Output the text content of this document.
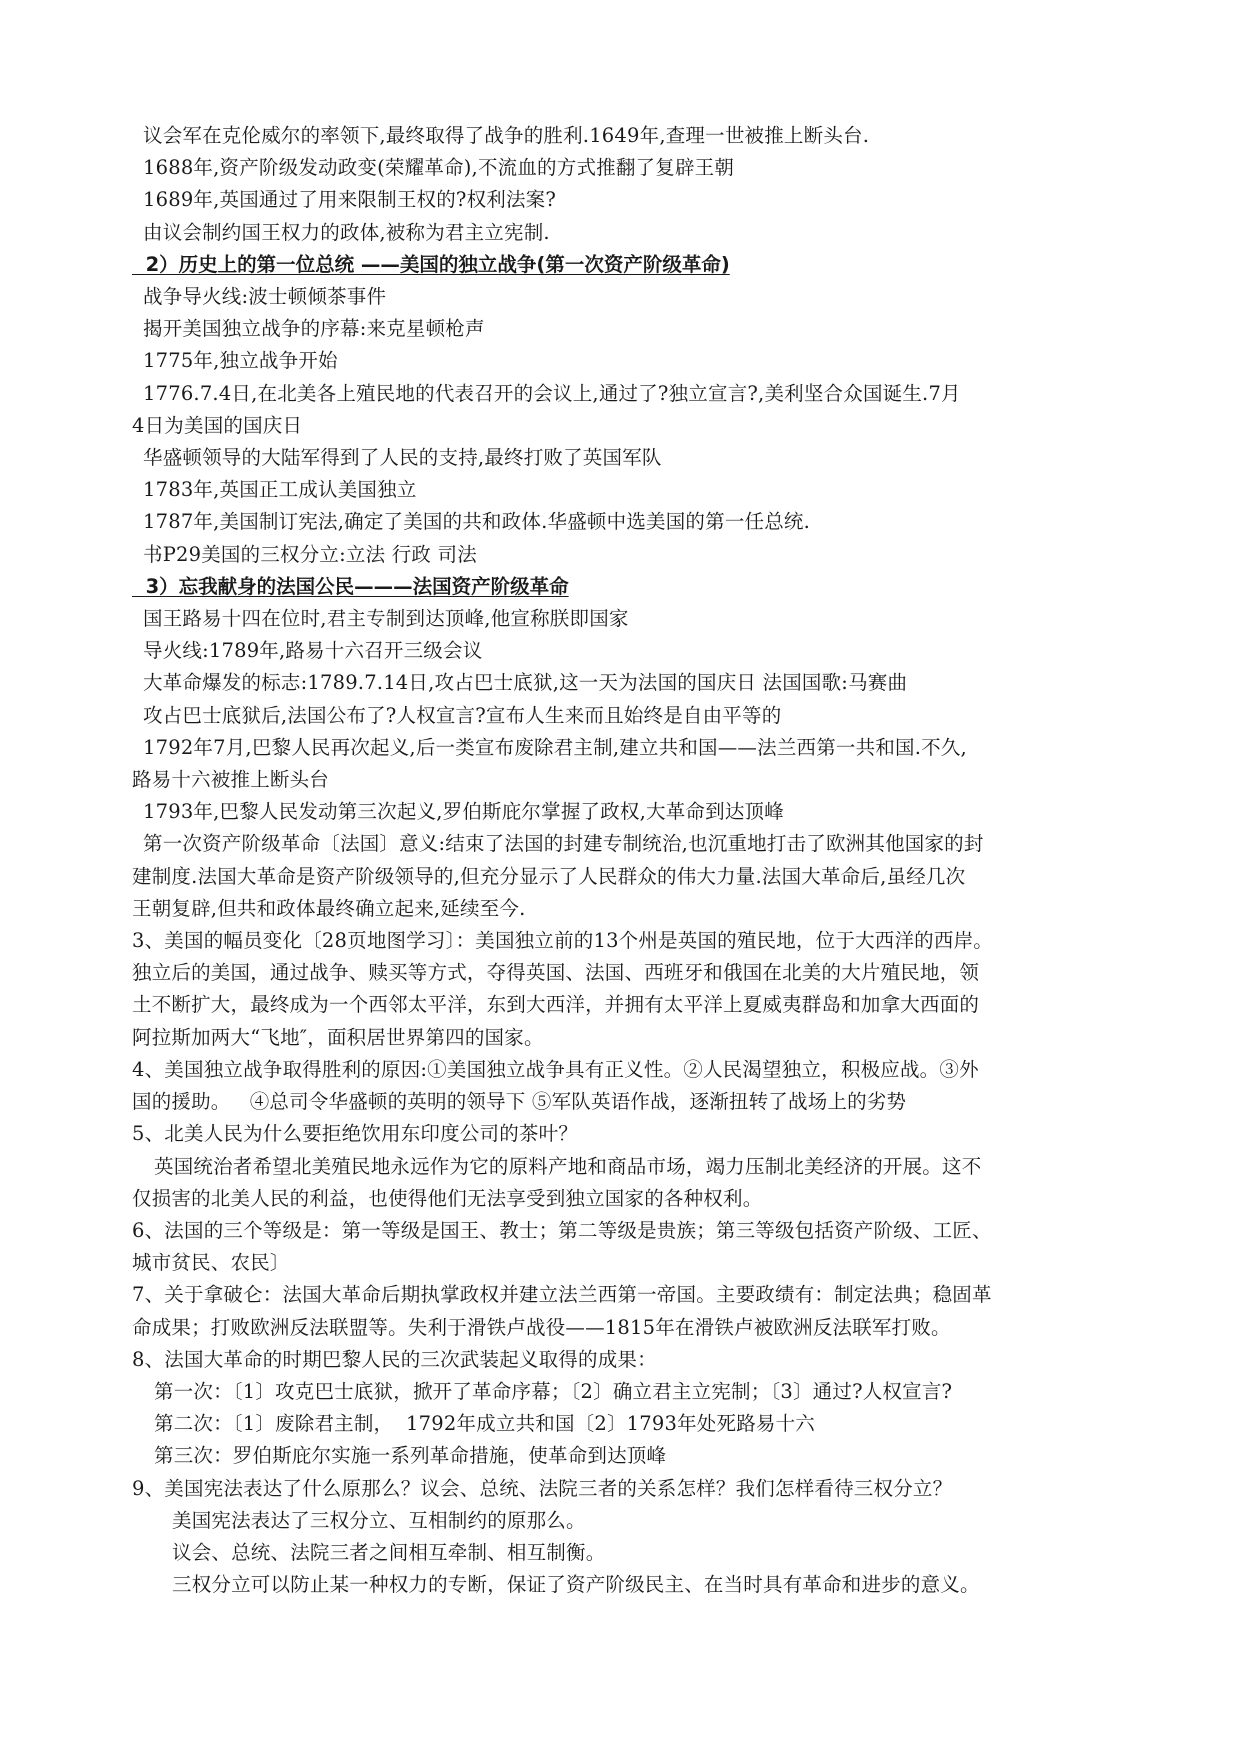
议会军在克伦威尔的率领下,最终取得了战争的胜利.1649年,查理一世被推上断头台.
1688年,资产阶级发动政变(荣耀革命),不流血的方式推翻了复辟王朝
1689年,英国通过了用来限制王权的?权利法案?
由议会制约国王权力的政体,被称为君主立宪制.
2）历史上的第一位总统 ——美国的独立战争(第一次资产阶级革命)
战争导火线:波士顿倾茶事件
揭开美国独立战争的序幕:来克星顿枪声
1775年,独立战争开始
1776.7.4日,在北美各上殖民地的代表召开的会议上,通过了?独立宣言?,美利坚合众国诞生.7月
4日为美国的国庆日
华盛顿领导的大陆军得到了人民的支持,最终打败了英国军队
1783年,英国正工成认美国独立
1787年,美国制订宪法,确定了美国的共和政体.华盛顿中选美国的第一任总统.
书P29美国的三权分立:立法 行政 司法
3）忘我献身的法国公民———法国资产阶级革命
国王路易十四在位时,君主专制到达顶峰,他宣称朕即国家
导火线:1789年,路易十六召开三级会议
大革命爆发的标志:1789.7.14日,攻占巴士底狱,这一天为法国的国庆日 法国国歌:马赛曲
攻占巴士底狱后,法国公布了?人权宣言?宣布人生来而且始终是自由平等的
1792年7月,巴黎人民再次起义,后一类宣布废除君主制,建立共和国——法兰西第一共和国.不久,
路易十六被推上断头台
1793年,巴黎人民发动第三次起义,罗伯斯庇尔掌握了政权,大革命到达顶峰
第一次资产阶级革命〔法国〕意义:结束了法国的封建专制统治,也沉重地打击了欧洲其他国家的封
建制度.法国大革命是资产阶级领导的,但充分显示了人民群众的伟大力量.法国大革命后,虽经几次
王朝复辟,但共和政体最终确立起来,延续至今.
3、美国的幅员变化〔28页地图学习〕：美国独立前的13个州是英国的殖民地，位于大西洋的西岸。
独立后的美国，通过战争、赎买等方式，夺得英国、法国、西班牙和俄国在北美的大片殖民地，领
土不断扩大，最终成为一个西邻太平洋，东到大西洋，并拥有太平洋上夏威夷群岛和加拿大西面的
阿拉斯加两大“飞地″，面积居世界第四的国家。
4、美国独立战争取得胜利的原因:①美国独立战争具有正义性。②人民渴望独立，积极应战。③外
国的援助。   ④总司令华盛顿的英明的领导下 ⑤军队英语作战，逐渐扭转了战场上的劣势
5、北美人民为什么要拒绝饮用东印度公司的茶叶？
英国统治者希望北美殖民地永远作为它的原料产地和商品市场，竭力压制北美经济的开展。这不
仅损害的北美人民的利益，也使得他们无法享受到独立国家的各种权利。
6、法国的三个等级是：第一等级是国王、教士；第二等级是贵族；第三等级包括资产阶级、工匠、
城市贫民、农民〕
7、关于拿破仑：法国大革命后期执掌政权并建立法兰西第一帝国。主要政绩有：制定法典；稳固革
命成果；打败欧洲反法联盟等。失利于滑铁卢战役——1815年在滑铁卢被欧洲反法联军打败。
8、法国大革命的时期巴黎人民的三次武装起义取得的成果：
第一次：〔1〕攻克巴士底狱，掀开了革命序幕；〔2〕确立君主立宪制；〔3〕通过?人权宣言?
第二次：〔1〕废除君主制，  1792年成立共和国〔2〕1793年处死路易十六
第三次：罗伯斯庇尔实施一系列革命措施，使革命到达顶峰
9、美国宪法表达了什么原那么？议会、总统、法院三者的关系怎样？我们怎样看待三权分立？
美国宪法表达了三权分立、互相制约的原那么。
议会、总统、法院三者之间相互牵制、相互制衡。
三权分立可以防止某一种权力的专断，保证了资产阶级民主、在当时具有革命和进步的意义。
